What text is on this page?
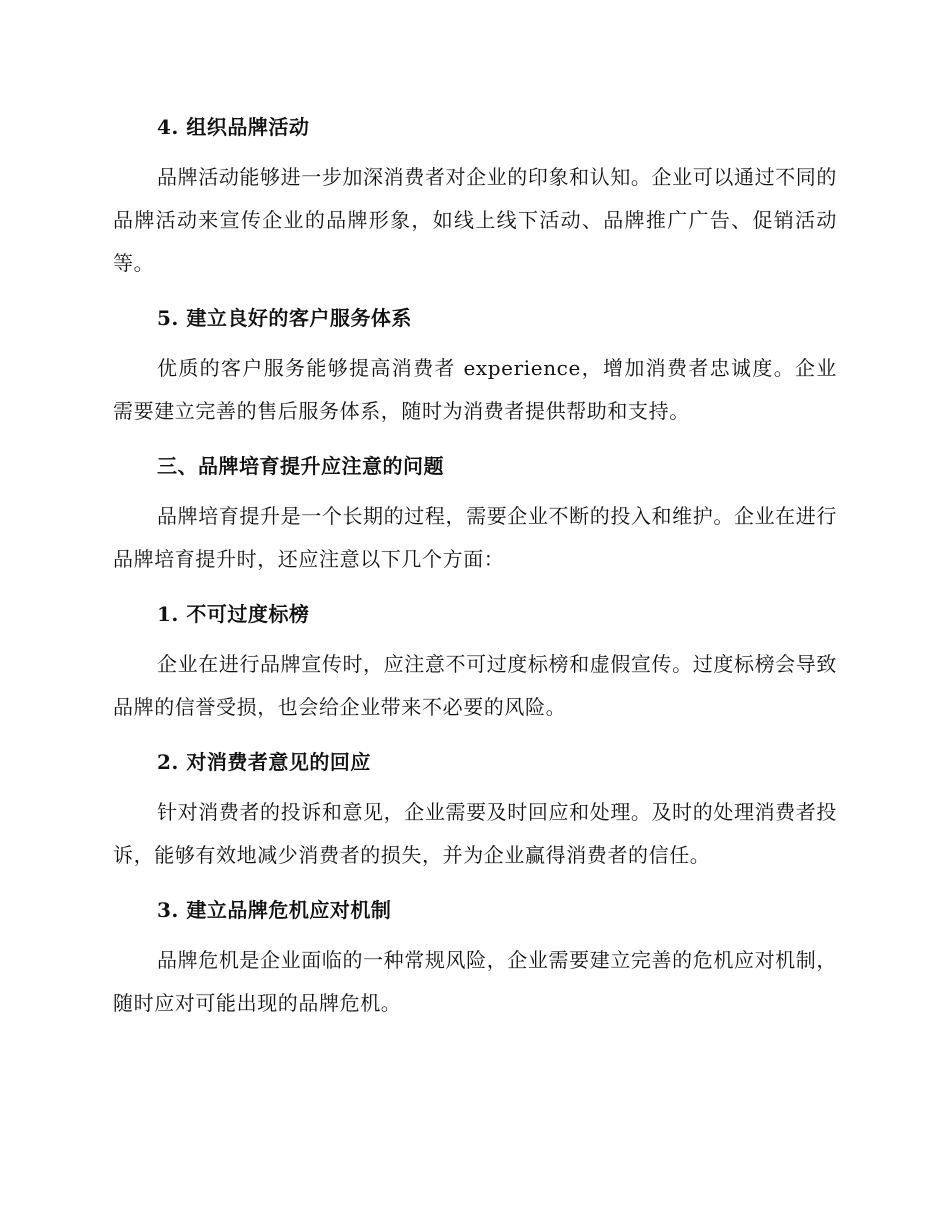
4. 组织品牌活动

品牌活动能够进一步加深消费者对企业的印象和认知。企业可以通过不同的品牌活动来宣传企业的品牌形象，如线上线下活动、品牌推广广告、促销活动等。

5. 建立良好的客户服务体系

优质的客户服务能够提高消费者 experience，增加消费者忠诚度。企业需要建立完善的售后服务体系，随时为消费者提供帮助和支持。

三、品牌培育提升应注意的问题

品牌培育提升是一个长期的过程，需要企业不断的投入和维护。企业在进行品牌培育提升时，还应注意以下几个方面：

1. 不可过度标榜

企业在进行品牌宣传时，应注意不可过度标榜和虚假宣传。过度标榜会导致品牌的信誉受损，也会给企业带来不必要的风险。

2. 对消费者意见的回应

针对消费者的投诉和意见，企业需要及时回应和处理。及时的处理消费者投诉，能够有效地减少消费者的损失，并为企业赢得消费者的信任。

3. 建立品牌危机应对机制

品牌危机是企业面临的一种常规风险，企业需要建立完善的危机应对机制，随时应对可能出现的品牌危机。
